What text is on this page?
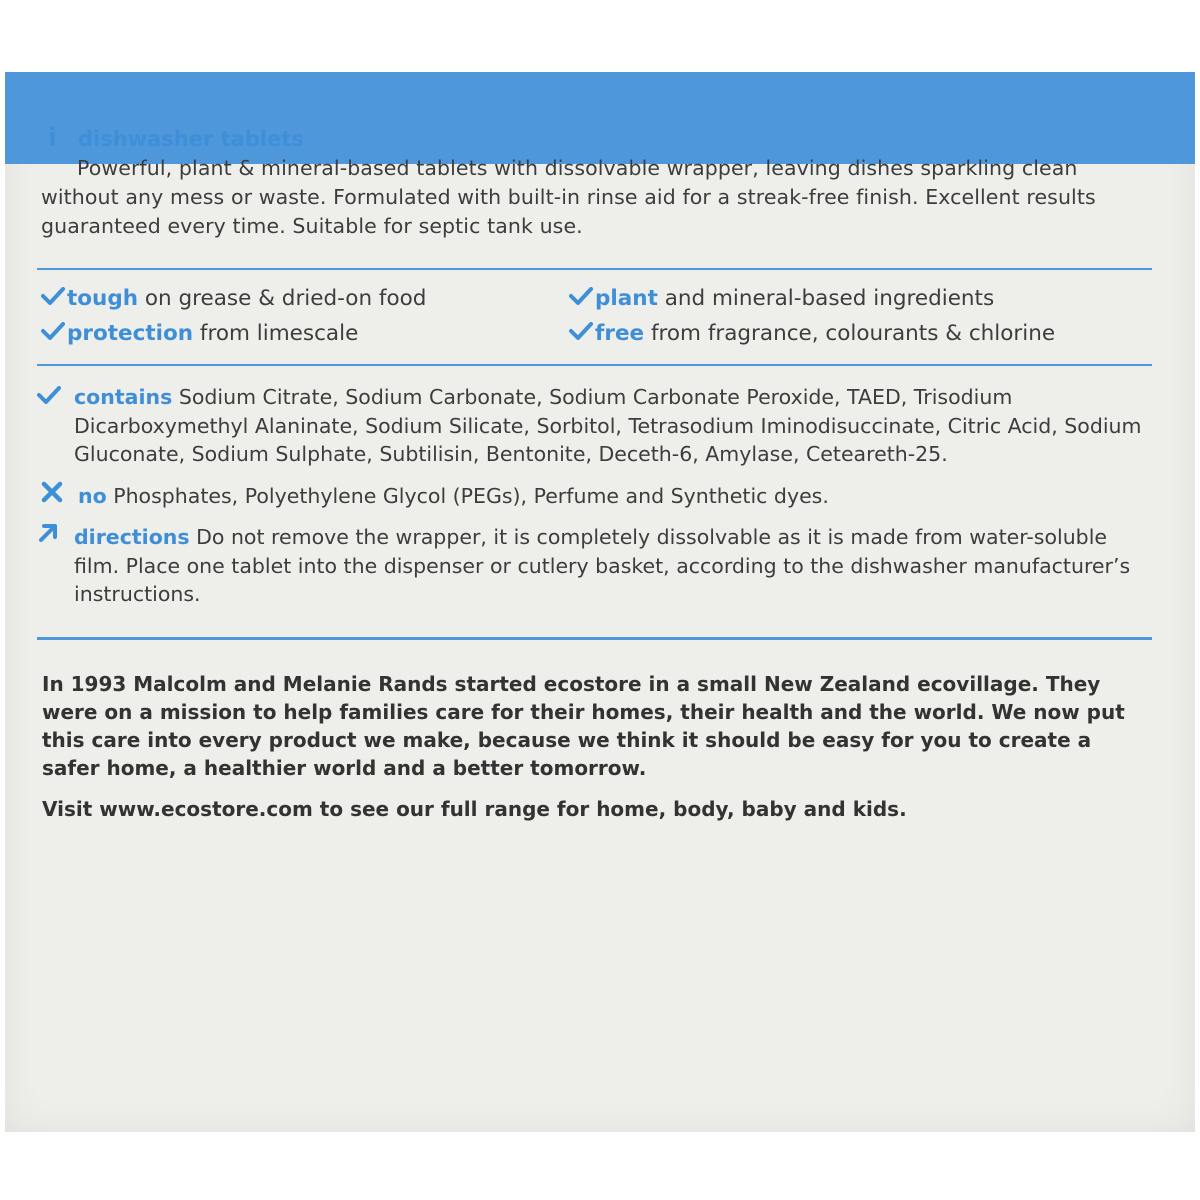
i dishwasher tablets

Powerful, plant & mineral-based tablets with dissolvable wrapper, leaving dishes sparkling clean without any mess or waste. Formulated with built-in rinse aid for a streak-free finish. Excellent results guaranteed every time. Suitable for septic tank use.

tough on grease & dried-on food	plant and mineral-based ingredients
protection from limescale	free from fragrance, colourants & chlorine

contains Sodium Citrate, Sodium Carbonate, Sodium Carbonate Peroxide, TAED, Trisodium Dicarboxymethyl Alaninate, Sodium Silicate, Sorbitol, Tetrasodium Iminodisuccinate, Citric Acid, Sodium Gluconate, Sodium Sulphate, Subtilisin, Bentonite, Deceth-6, Amylase, Ceteareth-25.

no Phosphates, Polyethylene Glycol (PEGs), Perfume and Synthetic dyes.

directions Do not remove the wrapper, it is completely dissolvable as it is made from water-soluble film. Place one tablet into the dispenser or cutlery basket, according to the dishwasher manufacturer’s instructions.

In 1993 Malcolm and Melanie Rands started ecostore in a small New Zealand ecovillage. They were on a mission to help families care for their homes, their health and the world. We now put this care into every product we make, because we think it should be easy for you to create a safer home, a healthier world and a better tomorrow.

Visit www.ecostore.com to see our full range for home, body, baby and kids.
